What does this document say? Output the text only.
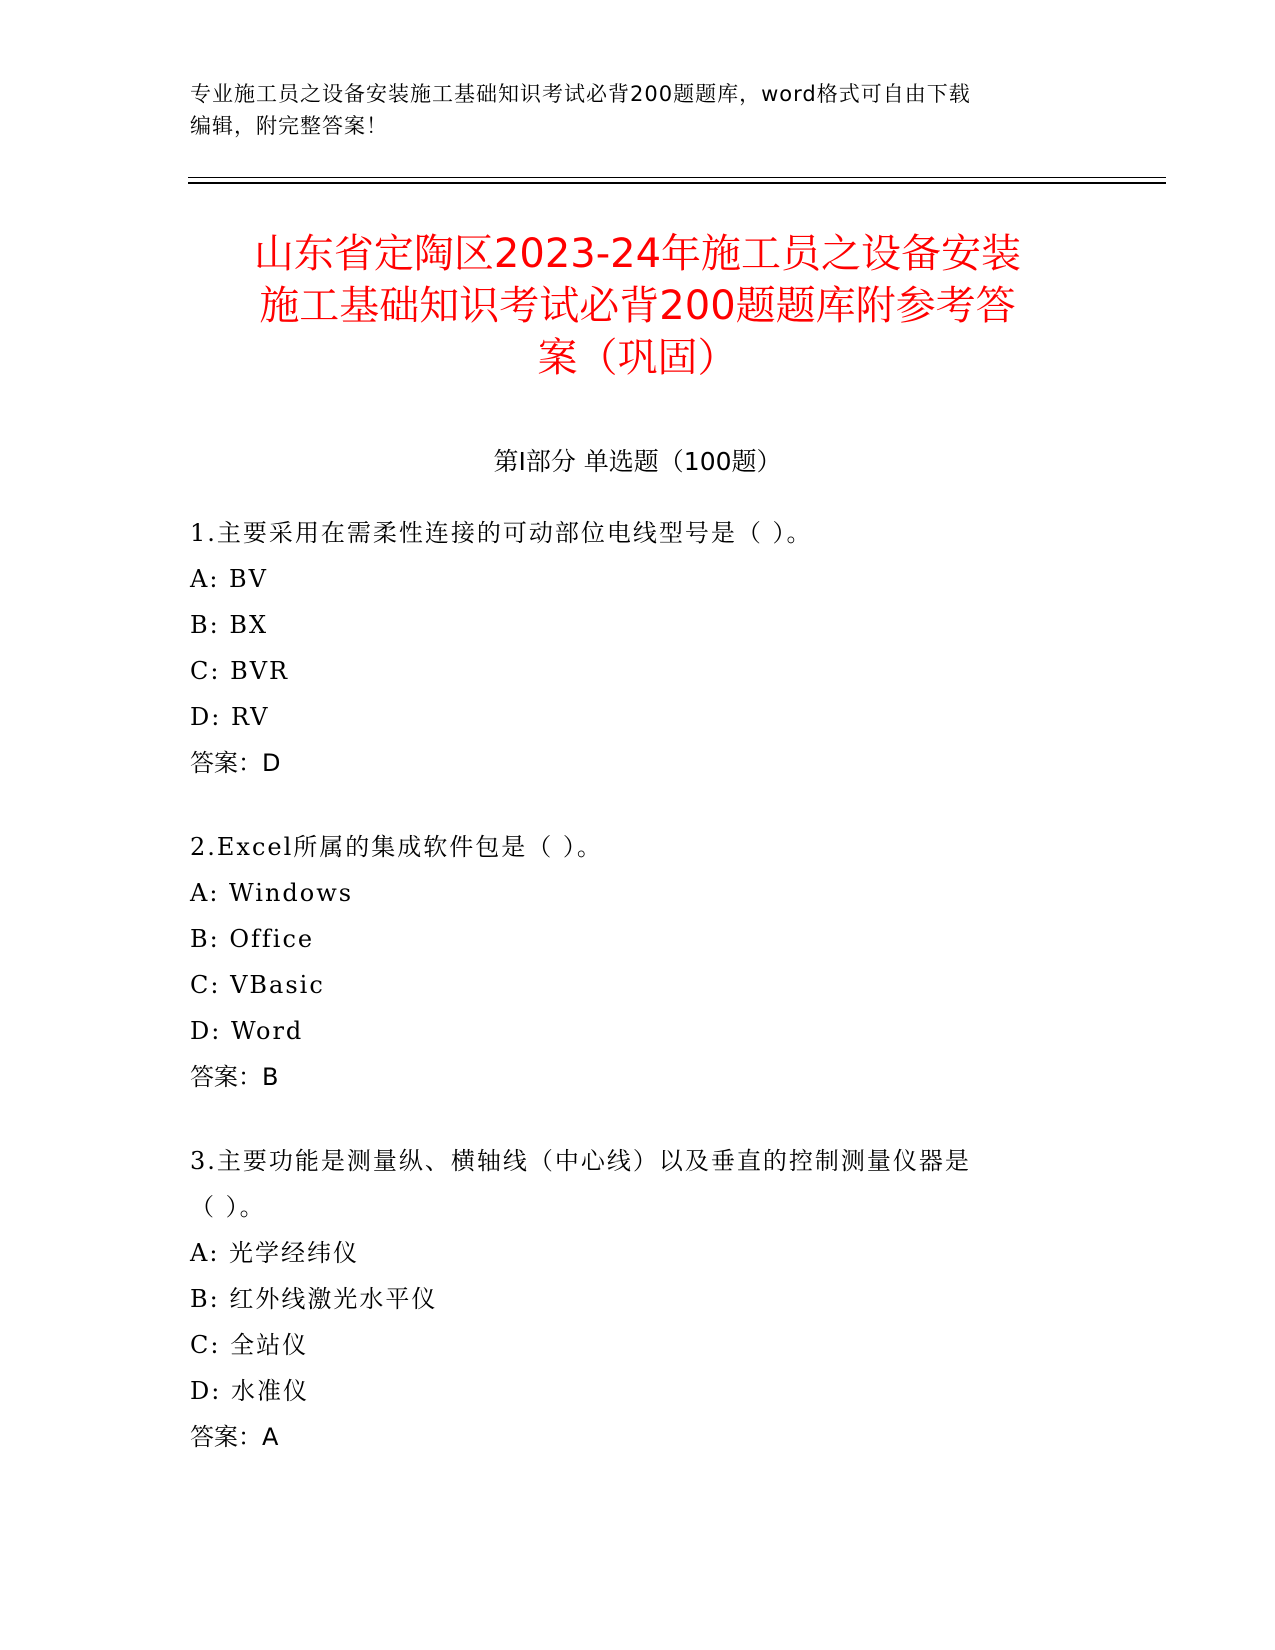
专业施工员之设备安装施工基础知识考试必背200题题库，word格式可自由下载
编辑，附完整答案！
山东省定陶区2023-24年施工员之设备安装
施工基础知识考试必背200题题库附参考答
案（巩固）
第Ⅰ部分 单选题（100题）

1.主要采用在需柔性连接的可动部位电线型号是（ ）。

A: BV

B: BX

C: BVR

D: RV

答案：D

2.Excel所属的集成软件包是（ ）。

A: Windows

B: Office

C: VBasic

D: Word

答案：B

3.主要功能是测量纵、横轴线（中心线）以及垂直的控制测量仪器是
（ ）。

A: 光学经纬仪

B: 红外线激光水平仪

C: 全站仪

D: 水准仪

答案：A
